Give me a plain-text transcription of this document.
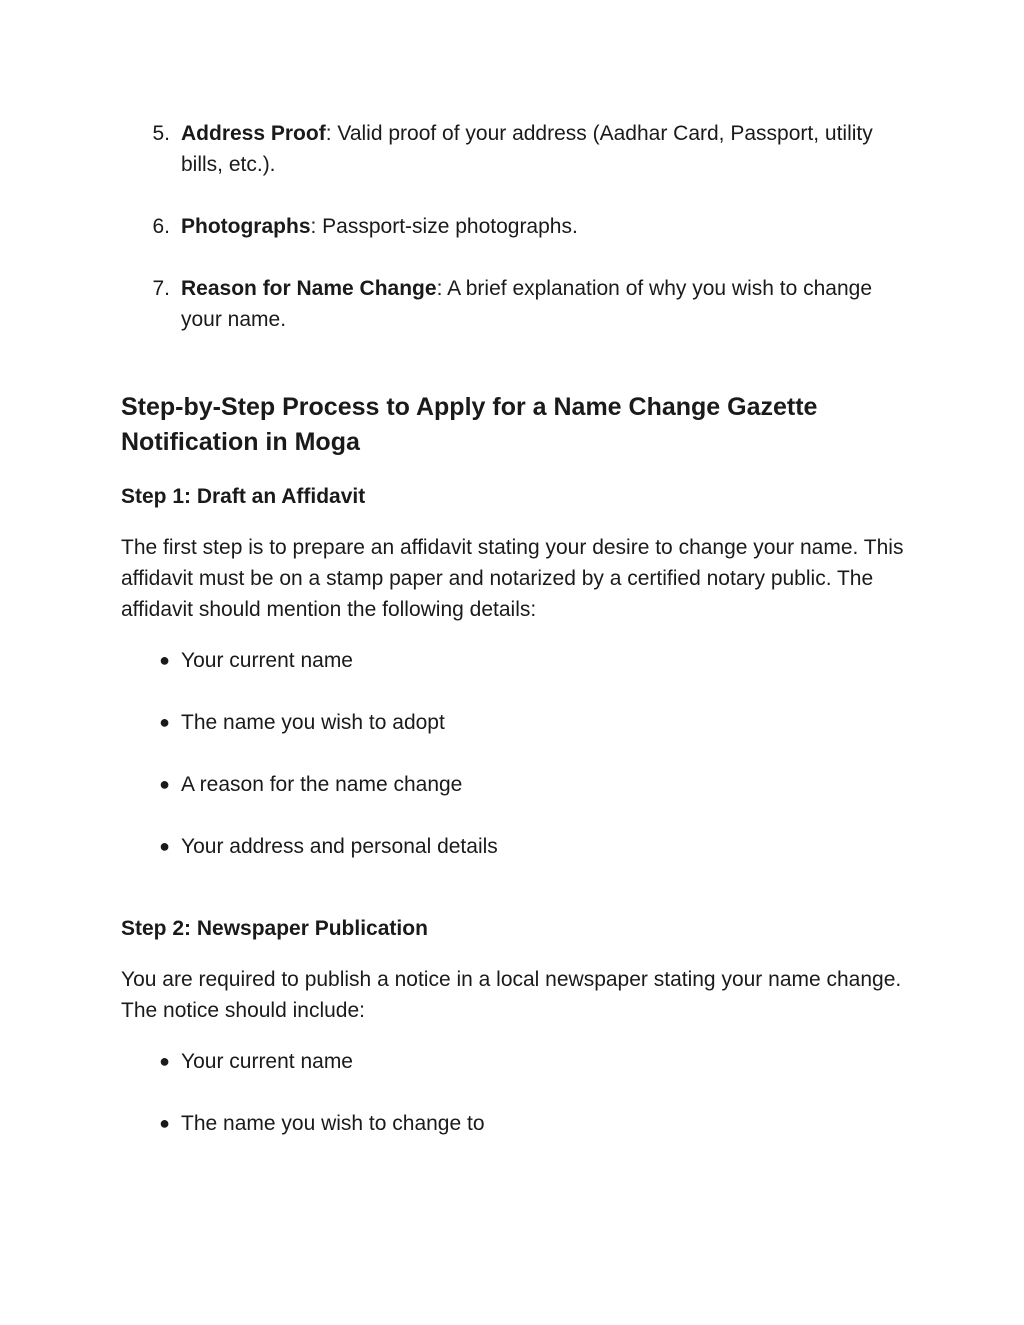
5. Address Proof: Valid proof of your address (Aadhar Card, Passport, utility bills, etc.).
6. Photographs: Passport-size photographs.
7. Reason for Name Change: A brief explanation of why you wish to change your name.
Step-by-Step Process to Apply for a Name Change Gazette Notification in Moga
Step 1: Draft an Affidavit
The first step is to prepare an affidavit stating your desire to change your name. This affidavit must be on a stamp paper and notarized by a certified notary public. The affidavit should mention the following details:
● Your current name
● The name you wish to adopt
● A reason for the name change
● Your address and personal details
Step 2: Newspaper Publication
You are required to publish a notice in a local newspaper stating your name change. The notice should include:
● Your current name
● The name you wish to change to
